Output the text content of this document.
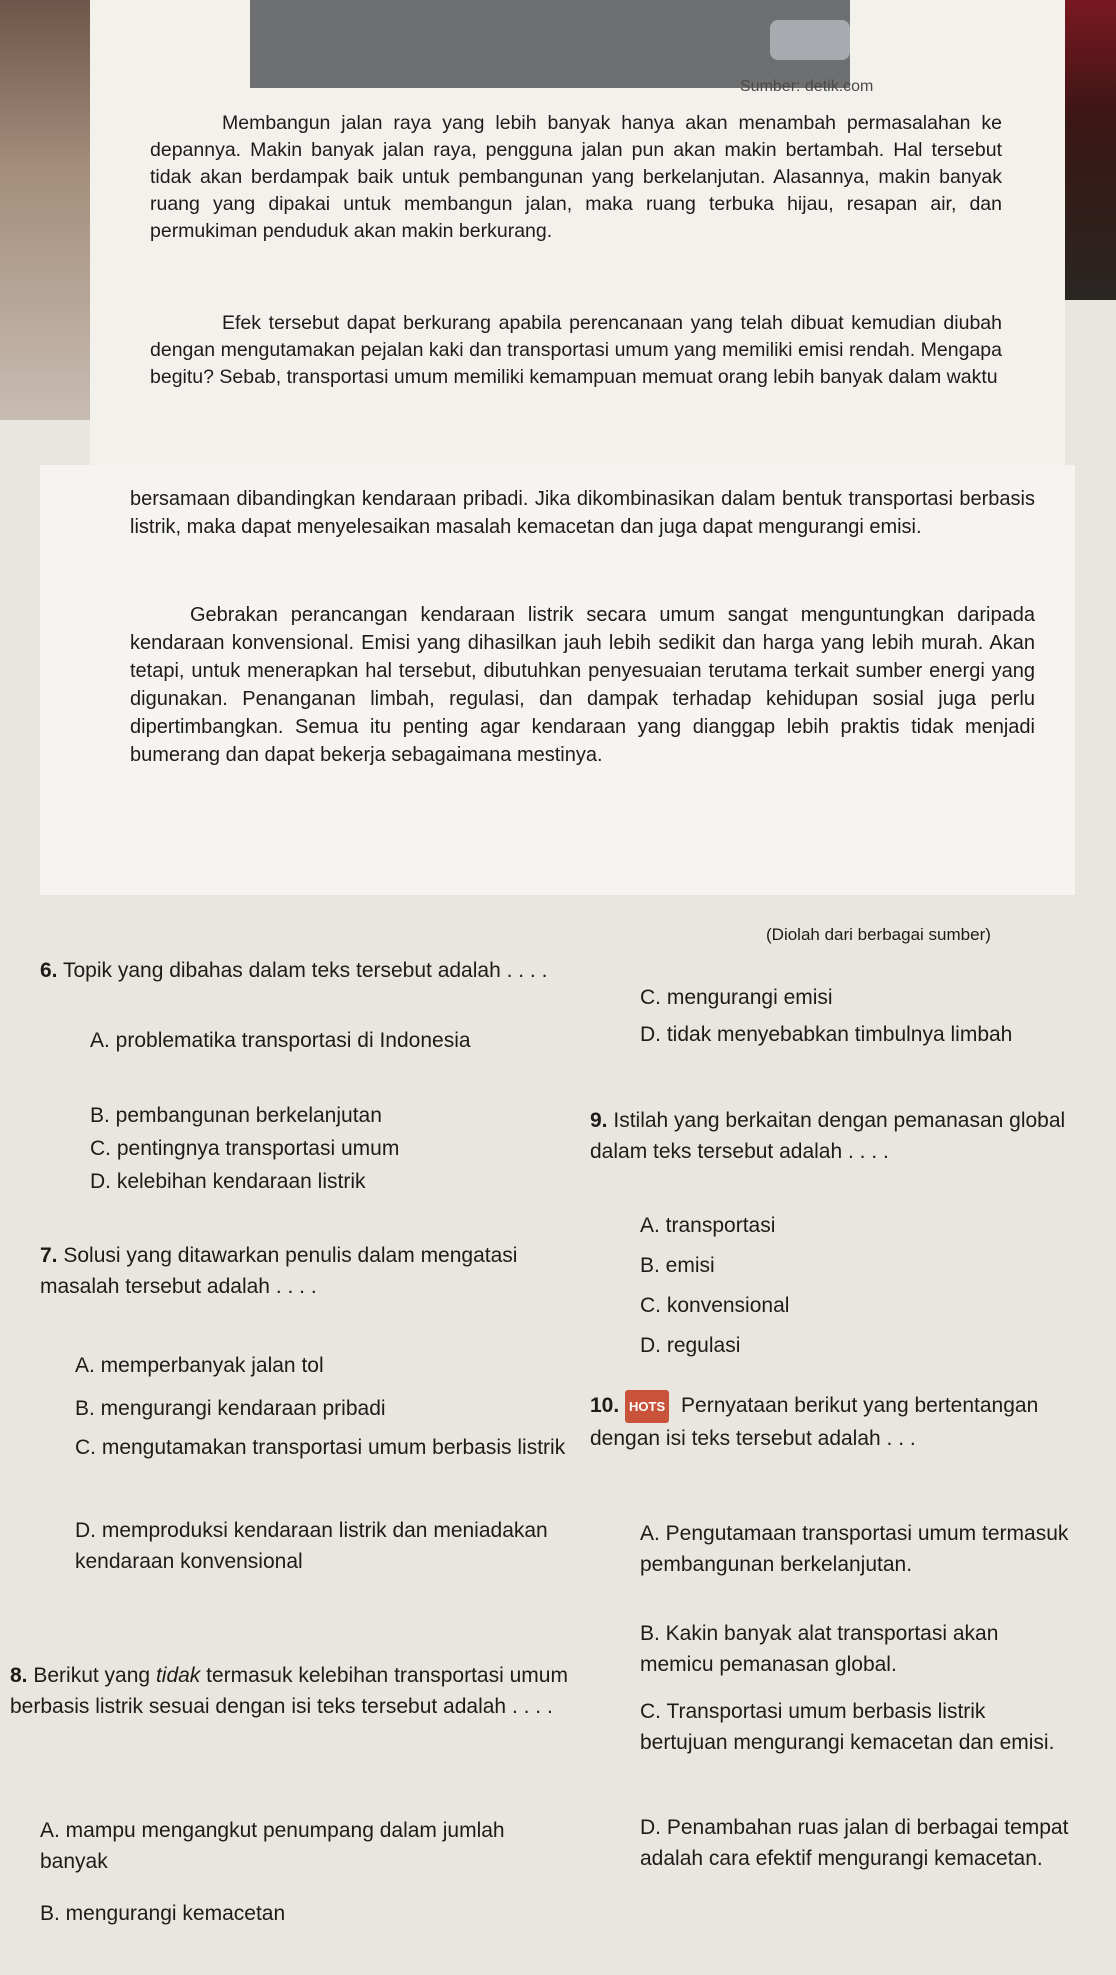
Sumber: detik.com
Membangun jalan raya yang lebih banyak hanya akan menambah permasalahan ke depannya. Makin banyak jalan raya, pengguna jalan pun akan makin bertambah. Hal tersebut tidak akan berdampak baik untuk pembangunan yang berkelanjutan. Alasannya, makin banyak ruang yang dipakai untuk membangun jalan, maka ruang terbuka hijau, resapan air, dan permukiman penduduk akan makin berkurang.
Efek tersebut dapat berkurang apabila perencanaan yang telah dibuat kemudian diubah dengan mengutamakan pejalan kaki dan transportasi umum yang memiliki emisi rendah. Mengapa begitu? Sebab, transportasi umum memiliki kemampuan memuat orang lebih banyak dalam waktu
bersamaan dibandingkan kendaraan pribadi. Jika dikombinasikan dalam bentuk transportasi berbasis listrik, maka dapat menyelesaikan masalah kemacetan dan juga dapat mengurangi emisi.
Gebrakan perancangan kendaraan listrik secara umum sangat menguntungkan daripada kendaraan konvensional. Emisi yang dihasilkan jauh lebih sedikit dan harga yang lebih murah. Akan tetapi, untuk menerapkan hal tersebut, dibutuhkan penyesuaian terutama terkait sumber energi yang digunakan. Penanganan limbah, regulasi, dan dampak terhadap kehidupan sosial juga perlu dipertimbangkan. Semua itu penting agar kendaraan yang dianggap lebih praktis tidak menjadi bumerang dan dapat bekerja sebagaimana mestinya.
(Diolah dari berbagai sumber)
6. Topik yang dibahas dalam teks tersebut adalah . . . .
A. problematika transportasi di Indonesia
B. pembangunan berkelanjutan
C. pentingnya transportasi umum
D. kelebihan kendaraan listrik
7. Solusi yang ditawarkan penulis dalam mengatasi masalah tersebut adalah . . . .
A. memperbanyak jalan tol
B. mengurangi kendaraan pribadi
C. mengutamakan transportasi umum berbasis listrik
D. memproduksi kendaraan listrik dan meniadakan kendaraan konvensional
8. Berikut yang tidak termasuk kelebihan transportasi umum berbasis listrik sesuai dengan isi teks tersebut adalah . . . .
A. mampu mengangkut penumpang dalam jumlah banyak
B. mengurangi kemacetan
C. mengurangi emisi
D. tidak menyebabkan timbulnya limbah
9. Istilah yang berkaitan dengan pemanasan global dalam teks tersebut adalah . . . .
A. transportasi
B. emisi
C. konvensional
D. regulasi
10. HOTS Pernyataan berikut yang bertentangan dengan isi teks tersebut adalah . . .
A. Pengutamaan transportasi umum termasuk pembangunan berkelanjutan.
B. Kakin banyak alat transportasi akan memicu pemanasan global.
C. Transportasi umum berbasis listrik bertujuan mengurangi kemacetan dan emisi.
D. Penambahan ruas jalan di berbagai tempat adalah cara efektif mengurangi kemacetan.
